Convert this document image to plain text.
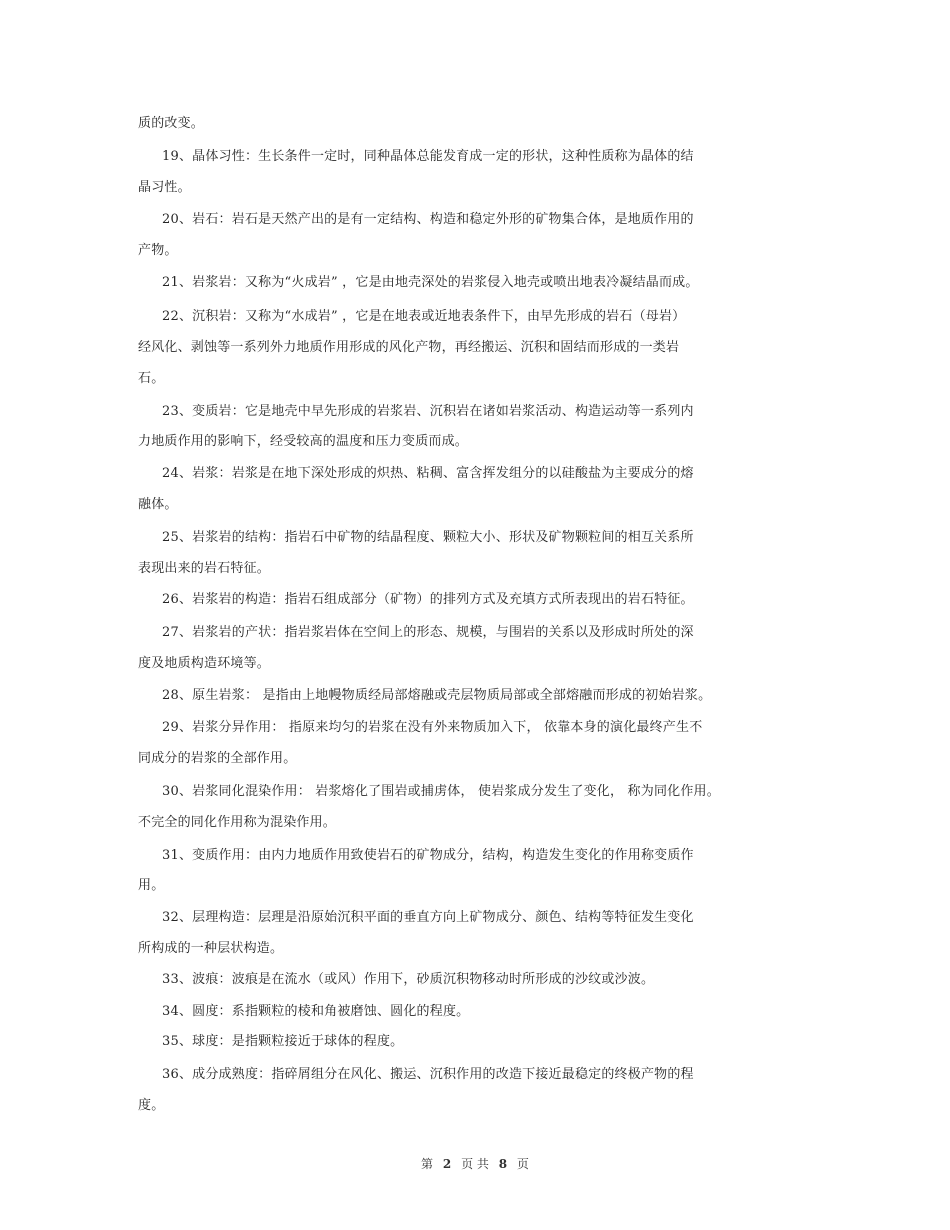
质的改变。
19、晶体习性：生长条件一定时，同种晶体总能发育成一定的形状，这种性质称为晶体的结
晶习性。
20、岩石：岩石是天然产出的是有一定结构、构造和稳定外形的矿物集合体，是地质作用的
产物。
21、岩浆岩：又称为“火成岩” ，它是由地壳深处的岩浆侵入地壳或喷出地表冷凝结晶而成。
22、沉积岩：又称为“水成岩” ，它是在地表或近地表条件下，由早先形成的岩石（母岩）
经风化、剥蚀等一系列外力地质作用形成的风化产物，再经搬运、沉积和固结而形成的一类岩
石。
23、变质岩：它是地壳中早先形成的岩浆岩、沉积岩在诸如岩浆活动、构造运动等一系列内
力地质作用的影响下，经受较高的温度和压力变质而成。
24、岩浆：岩浆是在地下深处形成的炽热、粘稠、富含挥发组分的以硅酸盐为主要成分的熔
融体。
25、岩浆岩的结构：指岩石中矿物的结晶程度、颗粒大小、形状及矿物颗粒间的相互关系所
表现出来的岩石特征。
26、岩浆岩的构造：指岩石组成部分（矿物）的排列方式及充填方式所表现出的岩石特征。
27、岩浆岩的产状：指岩浆岩体在空间上的形态、规模，与围岩的关系以及形成时所处的深
度及地质构造环境等。
28、原生岩浆： 是指由上地幔物质经局部熔融或壳层物质局部或全部熔融而形成的初始岩浆。
29、岩浆分异作用： 指原来均匀的岩浆在没有外来物质加入下， 依靠本身的演化最终产生不
同成分的岩浆的全部作用。
30、岩浆同化混染作用： 岩浆熔化了围岩或捕虏体， 使岩浆成分发生了变化， 称为同化作用。
不完全的同化作用称为混染作用。
31、变质作用：由内力地质作用致使岩石的矿物成分，结构，构造发生变化的作用称变质作
用。
32、层理构造：层理是沿原始沉积平面的垂直方向上矿物成分、颜色、结构等特征发生变化
所构成的一种层状构造。
33、波痕：波痕是在流水（或风）作用下，砂质沉积物移动时所形成的沙纹或沙波。
34、圆度：系指颗粒的棱和角被磨蚀、圆化的程度。
35、球度：是指颗粒接近于球体的程度。
36、成分成熟度：指碎屑组分在风化、搬运、沉积作用的改造下接近最稳定的终极产物的程
度。
第 2 页 共 8 页
